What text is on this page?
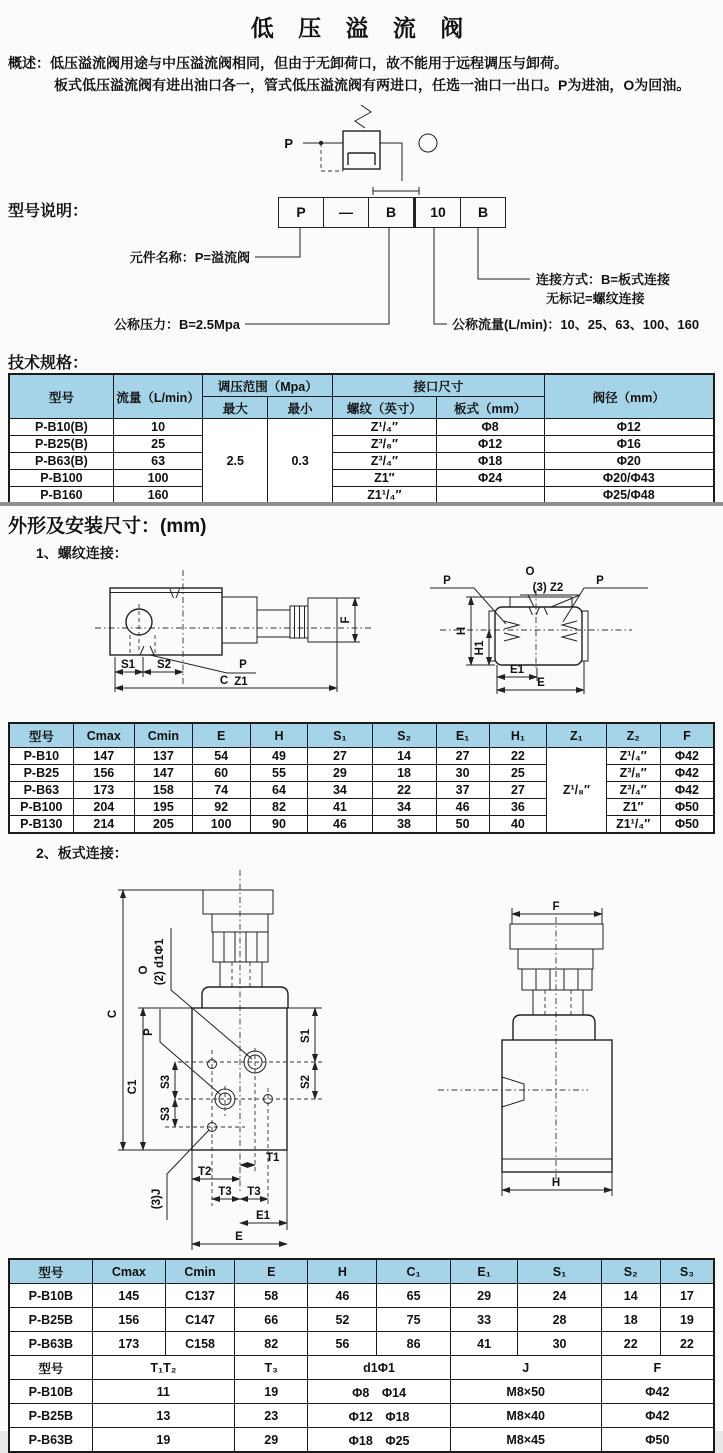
低 压 溢 流 阀
概述：低压溢流阀用途与中压溢流阀相同，但由于无卸荷口，故不能用于远程调压与卸荷。
板式低压溢流阀有进出油口各一，管式低压溢流阀有两进口，任选一油口一出口。P为进油，O为回油。
P
型号说明：	P	—	B	10	B
元件名称：P=溢流阀
连接方式：B=板式连接
无标记=螺纹连接
公称压力：B=2.5Mpa	公称流量(L/min)：10、25、63、100、160
技术规格：
型号	流量（L/min）	调压范围（Mpa）		接口尺寸		阀径（mm）
		最大	最小	螺纹（英寸）	板式（mm）	
P-B10(B)	10	2.5	0.3	Z¹/₄″	Φ8	Φ12
P-B25(B)	25			Z³/₈″	Φ12	Φ16
P-B63(B)	63			Z³/₄″	Φ18	Φ20
P-B100	100			Z1″	Φ24	Φ20/Φ43
P-B160	160			Z1¹/₄″		Φ25/Φ48
外形及安装尺寸：(mm)
1、螺纹连接：
F
S1 S2
C
P
Z1
P	P
O
(3) Z2
H
H1
E1
E
型号	Cmax	Cmin	E	H	S₁	S₂	E₁	H₁	Z₁	Z₂	F
P-B10	147	137	54	49	27	14	27	22	Z¹/₈″	Z¹/₄″	Φ42
P-B25	156	147	60	55	29	18	30	25		Z³/₈″	Φ42
P-B63	173	158	74	64	34	22	37	27		Z³/₄″	Φ42
P-B100	204	195	92	82	41	34	46	36		Z1″	Φ50
P-B130	214	205	100	90	46	38	50	40		Z1¹/₄″	Φ50
2、板式连接：
C
C1
O (2) d1Φ1
P
(3)J
S1
S2
S3
S3
T1
T2
T3 T3
E1
E
F
H
型号	Cmax	Cmin	E	H	C₁	E₁	S₁	S₂	S₃
P-B10B	145	C137	58	46	65	29	24	14	17
P-B25B	156	C147	66	52	75	33	28	18	19
P-B63B	173	C158	82	56	86	41	30	22	22
型号	T₁T₂		T₃	d1Φ1		J		F	
P-B10B	11		19	Φ8　Φ14		M8×50		Φ42	
P-B25B	13		23	Φ12　Φ18		M8×40		Φ42	
P-B63B	19		29	Φ18　Φ25		M8×45		Φ50	
